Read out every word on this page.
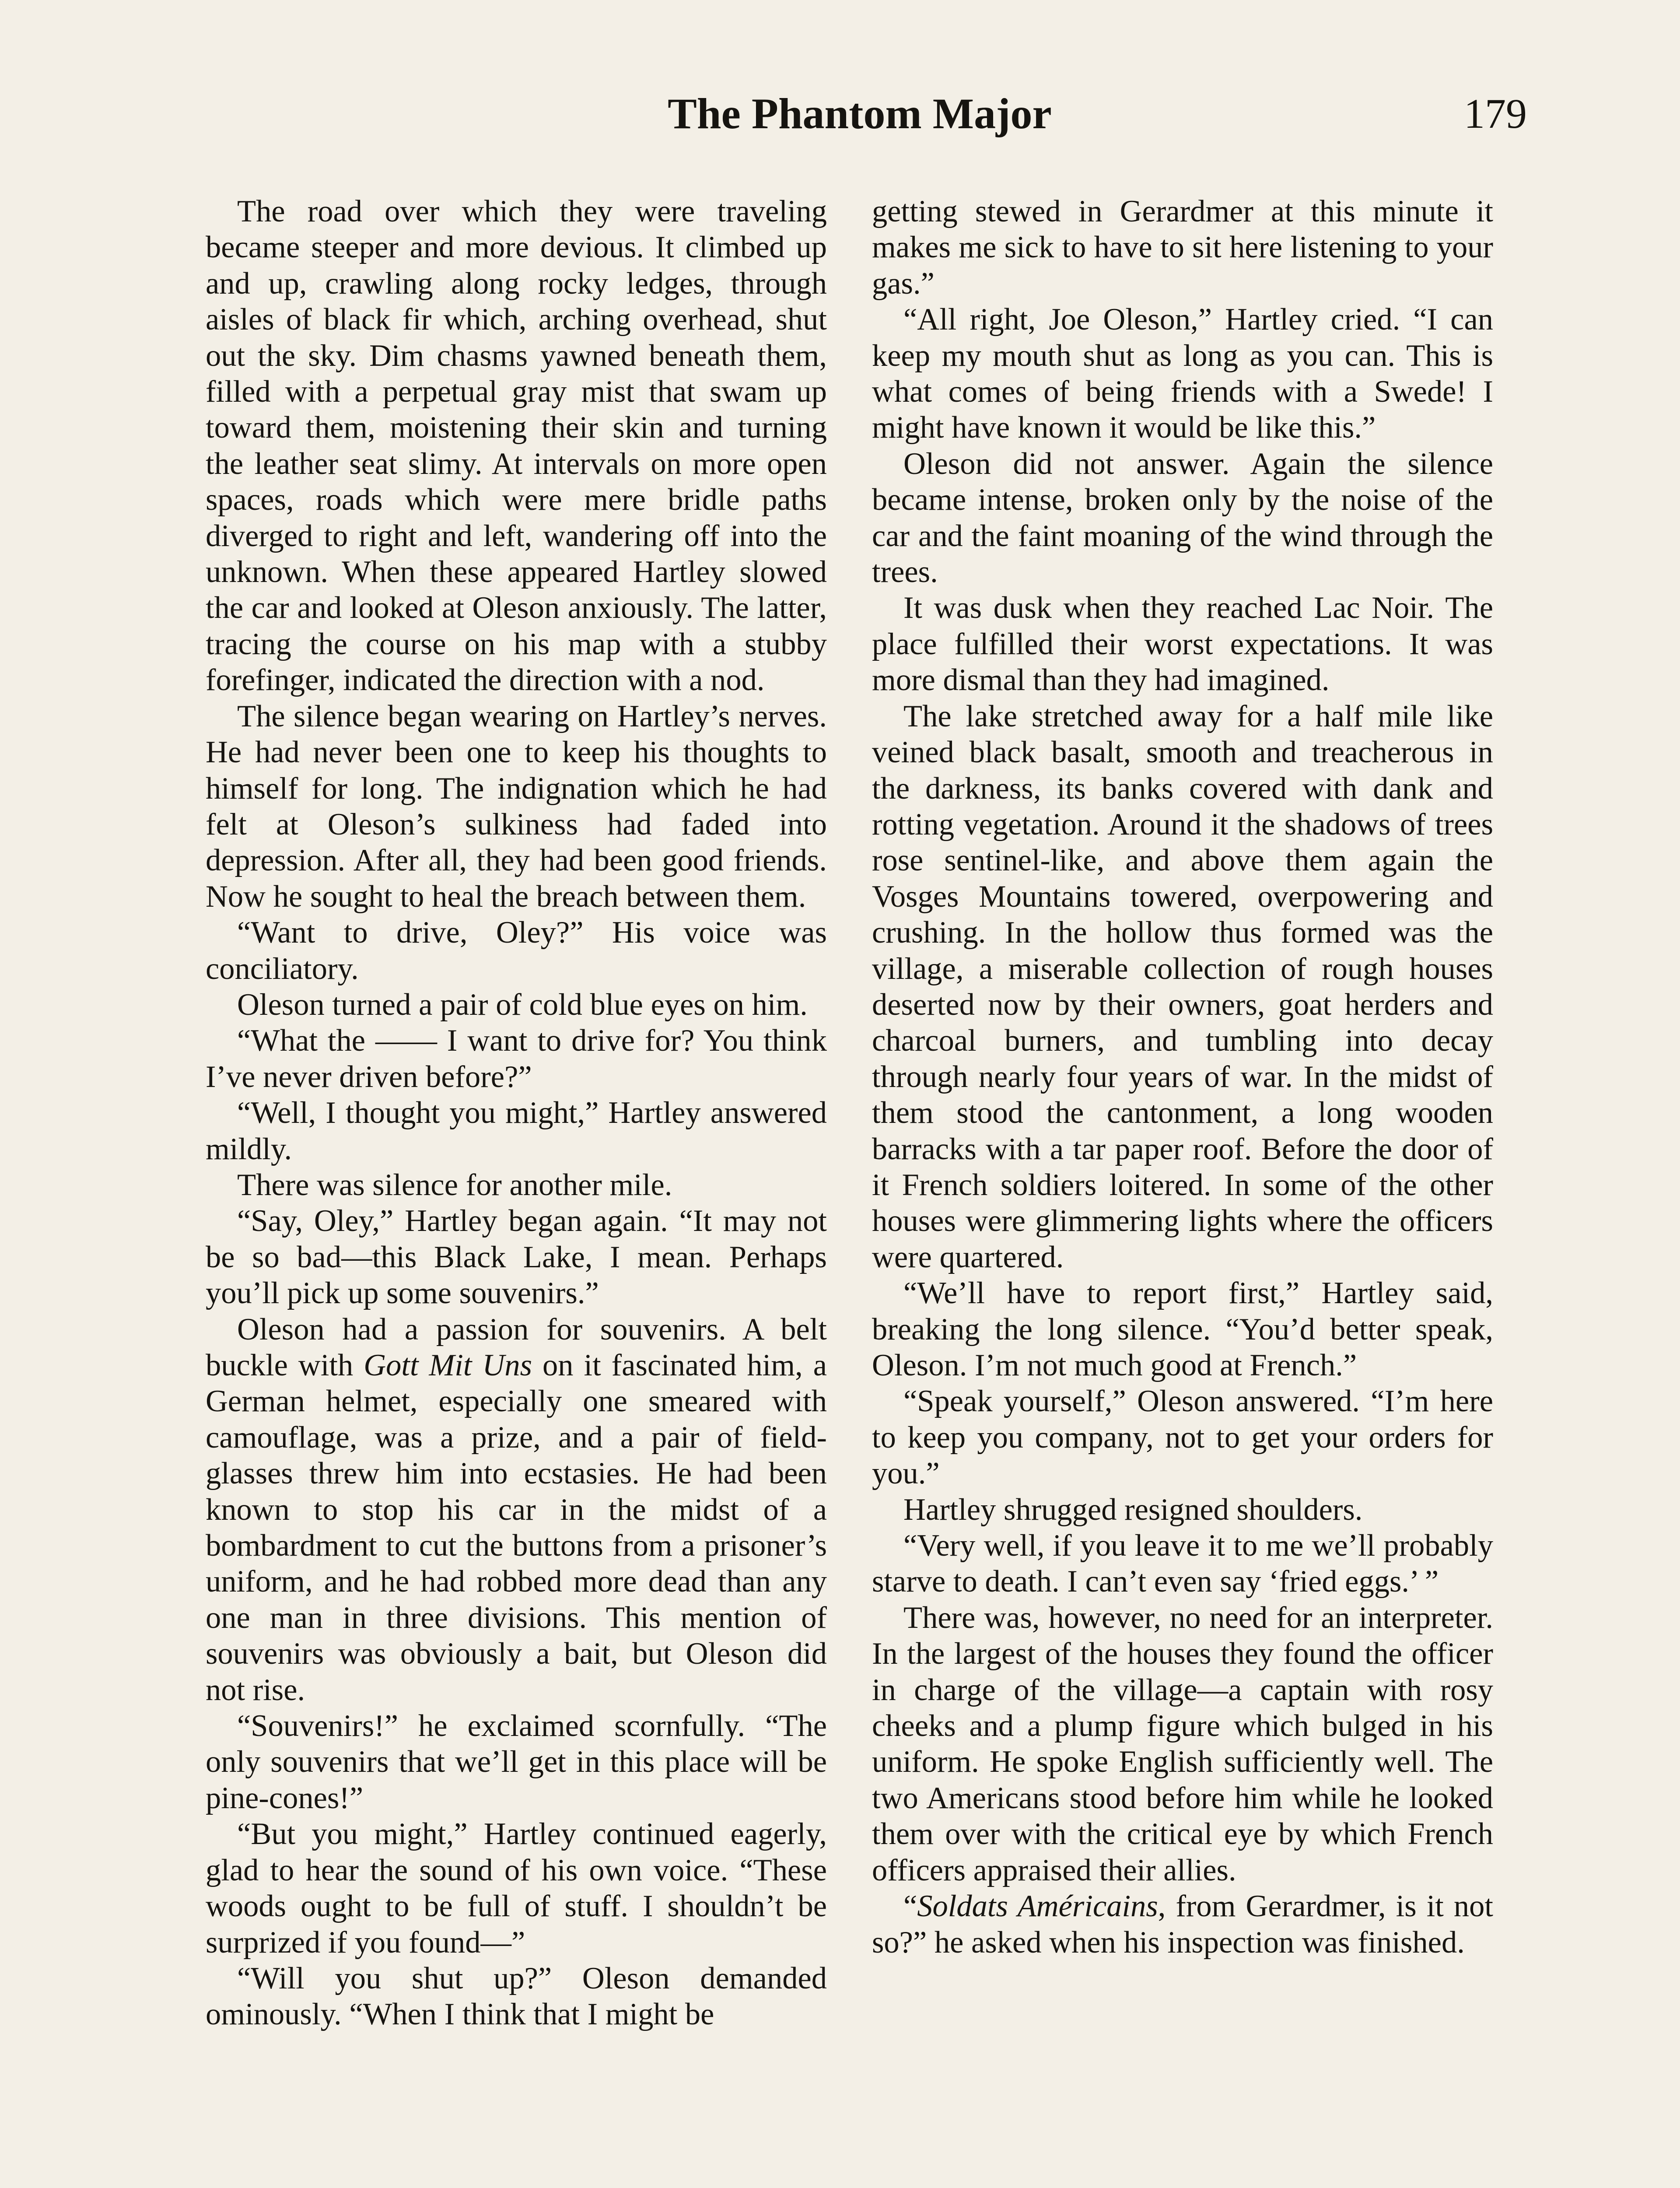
The Phantom Major	179

The road over which they were traveling became steeper and more devious. It climbed up and up, crawling along rocky ledges, through aisles of black fir which, arching overhead, shut out the sky. Dim chasms yawned beneath them, filled with a perpetual gray mist that swam up toward them, moistening their skin and turning the leather seat slimy. At intervals on more open spaces, roads which were mere bridle paths diverged to right and left, wandering off into the unknown. When these appeared Hartley slowed the car and looked at Oleson anxiously. The latter, tracing the course on his map with a stubby forefinger, indicated the direction with a nod.

The silence began wearing on Hartley’s nerves. He had never been one to keep his thoughts to himself for long. The indignation which he had felt at Oleson’s sulkiness had faded into depression. After all, they had been good friends. Now he sought to heal the breach between them.

“Want to drive, Oley?” His voice was conciliatory.

Oleson turned a pair of cold blue eyes on him.

“What the —— I want to drive for? You think I’ve never driven before?”

“Well, I thought you might,” Hartley answered mildly.

There was silence for another mile.

“Say, Oley,” Hartley began again. “It may not be so bad—this Black Lake, I mean. Perhaps you’ll pick up some souvenirs.”

Oleson had a passion for souvenirs. A belt buckle with Gott Mit Uns on it fascinated him, a German helmet, especially one smeared with camouflage, was a prize, and a pair of field-glasses threw him into ecstasies. He had been known to stop his car in the midst of a bombardment to cut the buttons from a prisoner’s uniform, and he had robbed more dead than any one man in three divisions. This mention of souvenirs was obviously a bait, but Oleson did not rise.

“Souvenirs!” he exclaimed scornfully. “The only souvenirs that we’ll get in this place will be pine-cones!”

“But you might,” Hartley continued eagerly, glad to hear the sound of his own voice. “These woods ought to be full of stuff. I shouldn’t be surprized if you found—”

“Will you shut up?” Oleson demanded ominously. “When I think that I might be

getting stewed in Gerardmer at this minute it makes me sick to have to sit here listening to your gas.”

“All right, Joe Oleson,” Hartley cried. “I can keep my mouth shut as long as you can. This is what comes of being friends with a Swede! I might have known it would be like this.”

Oleson did not answer. Again the silence became intense, broken only by the noise of the car and the faint moaning of the wind through the trees.

It was dusk when they reached Lac Noir. The place fulfilled their worst expectations. It was more dismal than they had imagined.

The lake stretched away for a half mile like veined black basalt, smooth and treacherous in the darkness, its banks covered with dank and rotting vegetation. Around it the shadows of trees rose sentinel-like, and above them again the Vosges Mountains towered, overpowering and crushing. In the hollow thus formed was the village, a miserable collection of rough houses deserted now by their owners, goat herders and charcoal burners, and tumbling into decay through nearly four years of war. In the midst of them stood the cantonment, a long wooden barracks with a tar paper roof. Before the door of it French soldiers loitered. In some of the other houses were glimmering lights where the officers were quartered.

“We’ll have to report first,” Hartley said, breaking the long silence. “You’d better speak, Oleson. I’m not much good at French.”

“Speak yourself,” Oleson answered. “I’m here to keep you company, not to get your orders for you.”

Hartley shrugged resigned shoulders.

“Very well, if you leave it to me we’ll probably starve to death. I can’t even say ‘fried eggs.’ ”

There was, however, no need for an interpreter. In the largest of the houses they found the officer in charge of the village—a captain with rosy cheeks and a plump figure which bulged in his uniform. He spoke English sufficiently well. The two Americans stood before him while he looked them over with the critical eye by which French officers appraised their allies.

“Soldats Américains, from Gerardmer, is it not so?” he asked when his inspection was finished.
